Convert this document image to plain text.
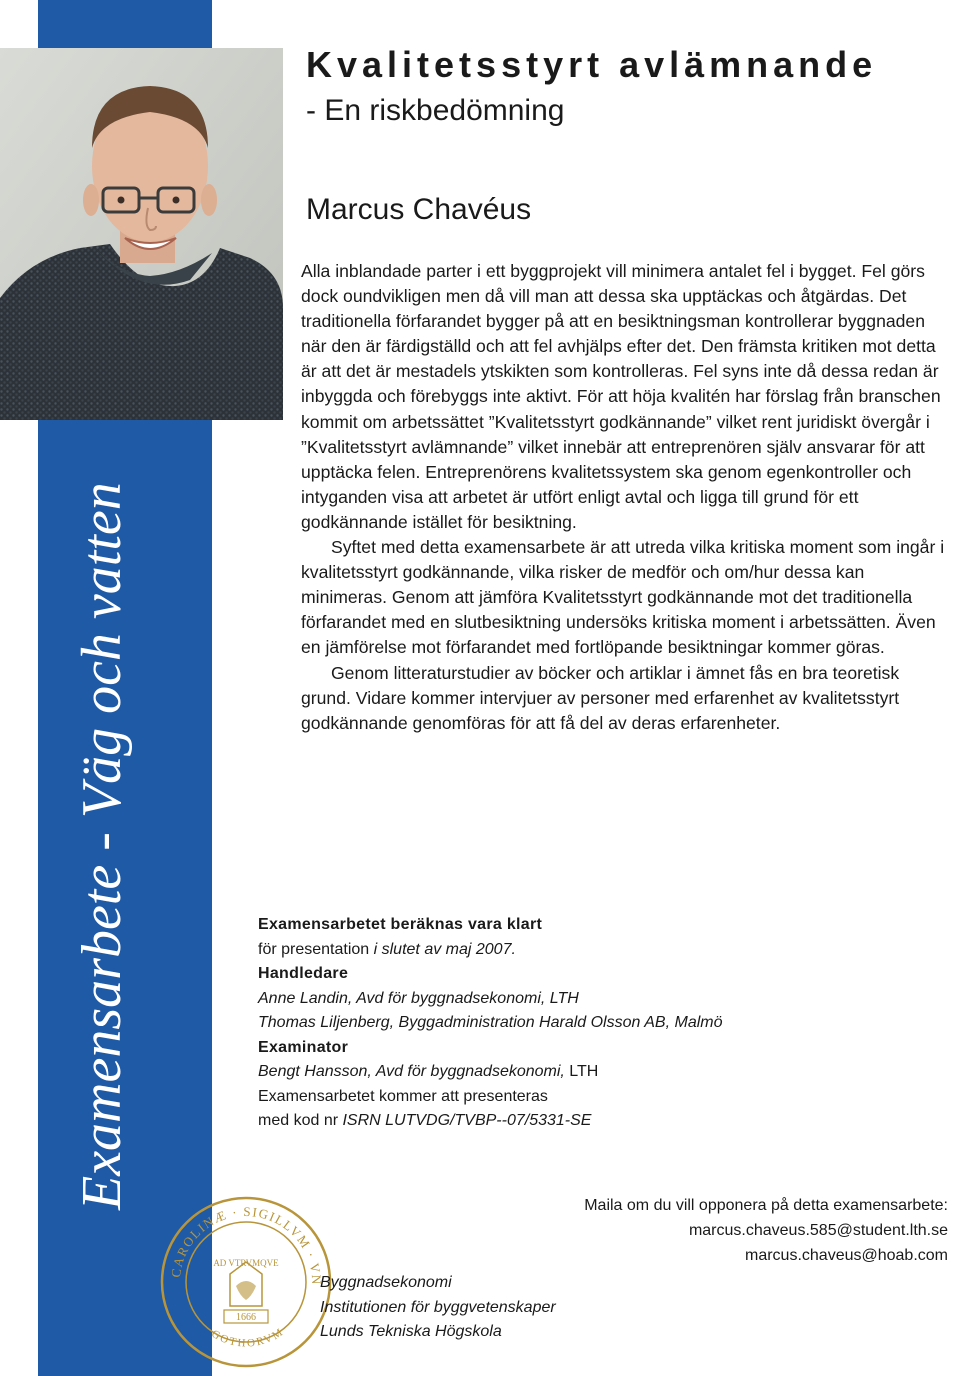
Examensarbete - Väg och vatten
Kvalitetsstyrt avlämnande
- En riskbedömning
Marcus Chavéus

Alla inblandade parter i ett byggprojekt vill minimera antalet fel i bygget. Fel görs dock oundvikligen men då vill man att dessa ska upptäckas och åtgärdas. Det traditionella förfarandet bygger på att en besiktningsman kontrollerar byggnaden när den är färdigställd och att fel avhjälps efter det. Den främsta kritiken mot detta är att det är mestadels ytskikten som kontrolleras. Fel syns inte då dessa redan är inbyggda och förebyggs inte aktivt. För att höja kvalitén har förslag från branschen kommit om arbetssättet ”Kvalitetsstyrt godkännande” vilket rent juridiskt övergår i ”Kvalitetsstyrt avlämnande” vilket innebär att entreprenören själv ansvarar för att upptäcka felen. Entreprenörens kvalitetssystem ska genom egenkontroller och intyganden visa att arbetet är utfört enligt avtal och ligga till grund för ett godkännande istället för besiktning.

Syftet med detta examensarbete är att utreda vilka kritiska moment som ingår i kvalitetsstyrt godkännande, vilka risker de medför och om/hur dessa kan minimeras. Genom att jämföra Kvalitetsstyrt godkännande mot det traditionella förfarandet med en slutbesiktning undersöks kritiska moment i arbetssätten. Även en jämförelse mot förfarandet med fortlöpande besiktningar kommer göras.

Genom litteraturstudier av böcker och artiklar i ämnet fås en bra teoretisk grund. Vidare kommer intervjuer av personer med erfarenhet av kvalitetsstyrt godkännande genomföras för att få del av deras erfarenheter.

Examensarbetet beräknas vara klart
för presentation i slutet av maj 2007.
Handledare
Anne Landin, Avd för byggnadsekonomi, LTH
Thomas Liljenberg, Byggadministration Harald Olsson AB, Malmö
Examinator
Bengt Hansson, Avd för byggnadsekonomi, LTH
Examensarbetet kommer att presenteras
med kod nr ISRN LUTVDG/TVBP--07/5331-SE
Maila om du vill opponera på detta examensarbete:
marcus.chaveus.585@student.lth.se
marcus.chaveus@hoab.com
CAROLINÆ · SIGILLVM · VN
GOTHORVM
AD VTRVMQVE
1666
Byggnadsekonomi
Institutionen för byggvetenskaper
Lunds Tekniska Högskola
